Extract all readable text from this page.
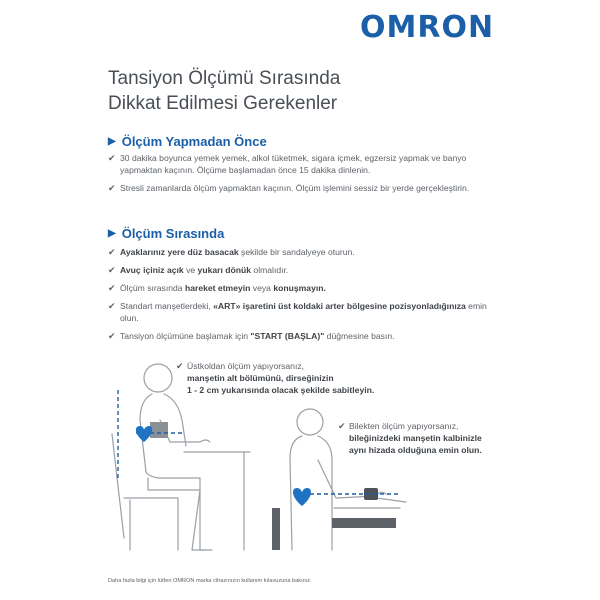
OMRON
Tansiyon Ölçümü Sırasında
Dikkat Edilmesi Gerekenler
▶ Ölçüm Yapmadan Önce
✔ 30 dakika boyunca yemek yemek, alkol tüketmek, sigara içmek, egzersiz yapmak ve banyo yapmaktan kaçının. Ölçüme başlamadan önce 15 dakika dinlenin.
✔ Stresli zamanlarda ölçüm yapmaktan kaçının. Ölçüm işlemini sessiz bir yerde gerçekleştirin.
▶ Ölçüm Sırasında
✔ Ayaklarınız yere düz basacak şekilde bir sandalyeye oturun.
✔ Avuç içiniz açık ve yukarı dönük olmalıdır.
✔ Ölçüm sırasında hareket etmeyin veya konuşmayın.
✔ Standart manşetlerdeki, «ART» işaretini üst koldaki arter bölgesine pozisyonladığınıza emin olun.
✔ Tansiyon ölçümüne başlamak için "START (BAŞLA)" düğmesine basın.
✔ Üstkoldan ölçüm yapıyorsanız,
manşetin alt bölümünü, dirseğinizin
1 - 2 cm yukarısında olacak şekilde sabitleyin.
✔ Bilekten ölçüm yapıyorsanız,
bileğinizdeki manşetin kalbinizle
aynı hizada olduğuna emin olun.
Daha fazla bilgi için lütfen OMRON marka cihazınızın kullanım kılavuzuna bakınız.
